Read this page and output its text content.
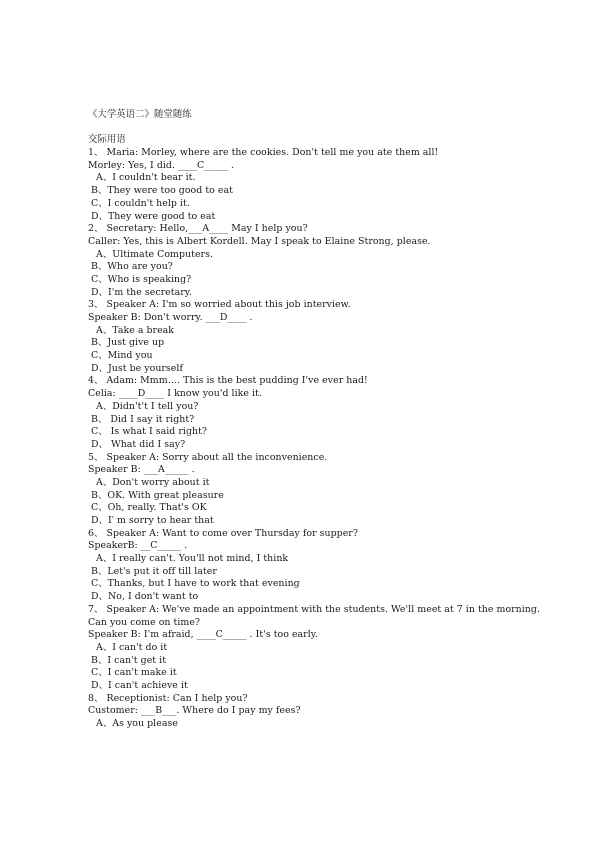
《大学英语二》随堂随练
交际用语
1、 Maria: Morley, where are the cookies. Don't tell me you ate them all!
Morley: Yes, I did. ____C_____ .
A、I couldn't bear it.
B、They were too good to eat
C、I couldn't help it.
D、They were good to eat
2、 Secretary: Hello,___A____ May I help you?
Caller: Yes, this is Albert Kordell. May I speak to Elaine Strong, please.
A、Ultimate Computers.
B、Who are you?
C、Who is speaking?
D、I'm the secretary.
3、 Speaker A: I'm so worried about this job interview.
Speaker B: Don't worry. ___D____ .
A、Take a break
B、Just give up
C、Mind you
D、Just be yourself
4、 Adam: Mmm…. This is the best pudding I've ever had!
Celia: ____D____ I know you'd like it.
A、Didn't't I tell you?
B、 Did I say it right?
C、 Is what I said right?
D、 What did I say?
5、 Speaker A: Sorry about all the inconvenience.
Speaker B: ___A_____ .
A、Don't worry about it
B、OK. With great pleasure
C、Oh, really. That's OK
D、I′ m sorry to hear that
6、 Speaker A: Want to come over Thursday for supper?
SpeakerB: __C_____ .
A、I really can't. You'll not mind, I think
B、Let's put it off till later
C、Thanks, but I have to work that evening
D、No, I don't want to
7、 Speaker A: We've made an appointment with the students. We'll meet at 7 in the morning.
Can you come on time?
Speaker B: I'm afraid, ____C_____ . It's too early.
A、I can't do it
B、I can't get it
C、I can't make it
D、I can't achieve it
8、 Receptionist: Can I help you?
Customer: ___B___. Where do I pay my fees?
A、As you please
